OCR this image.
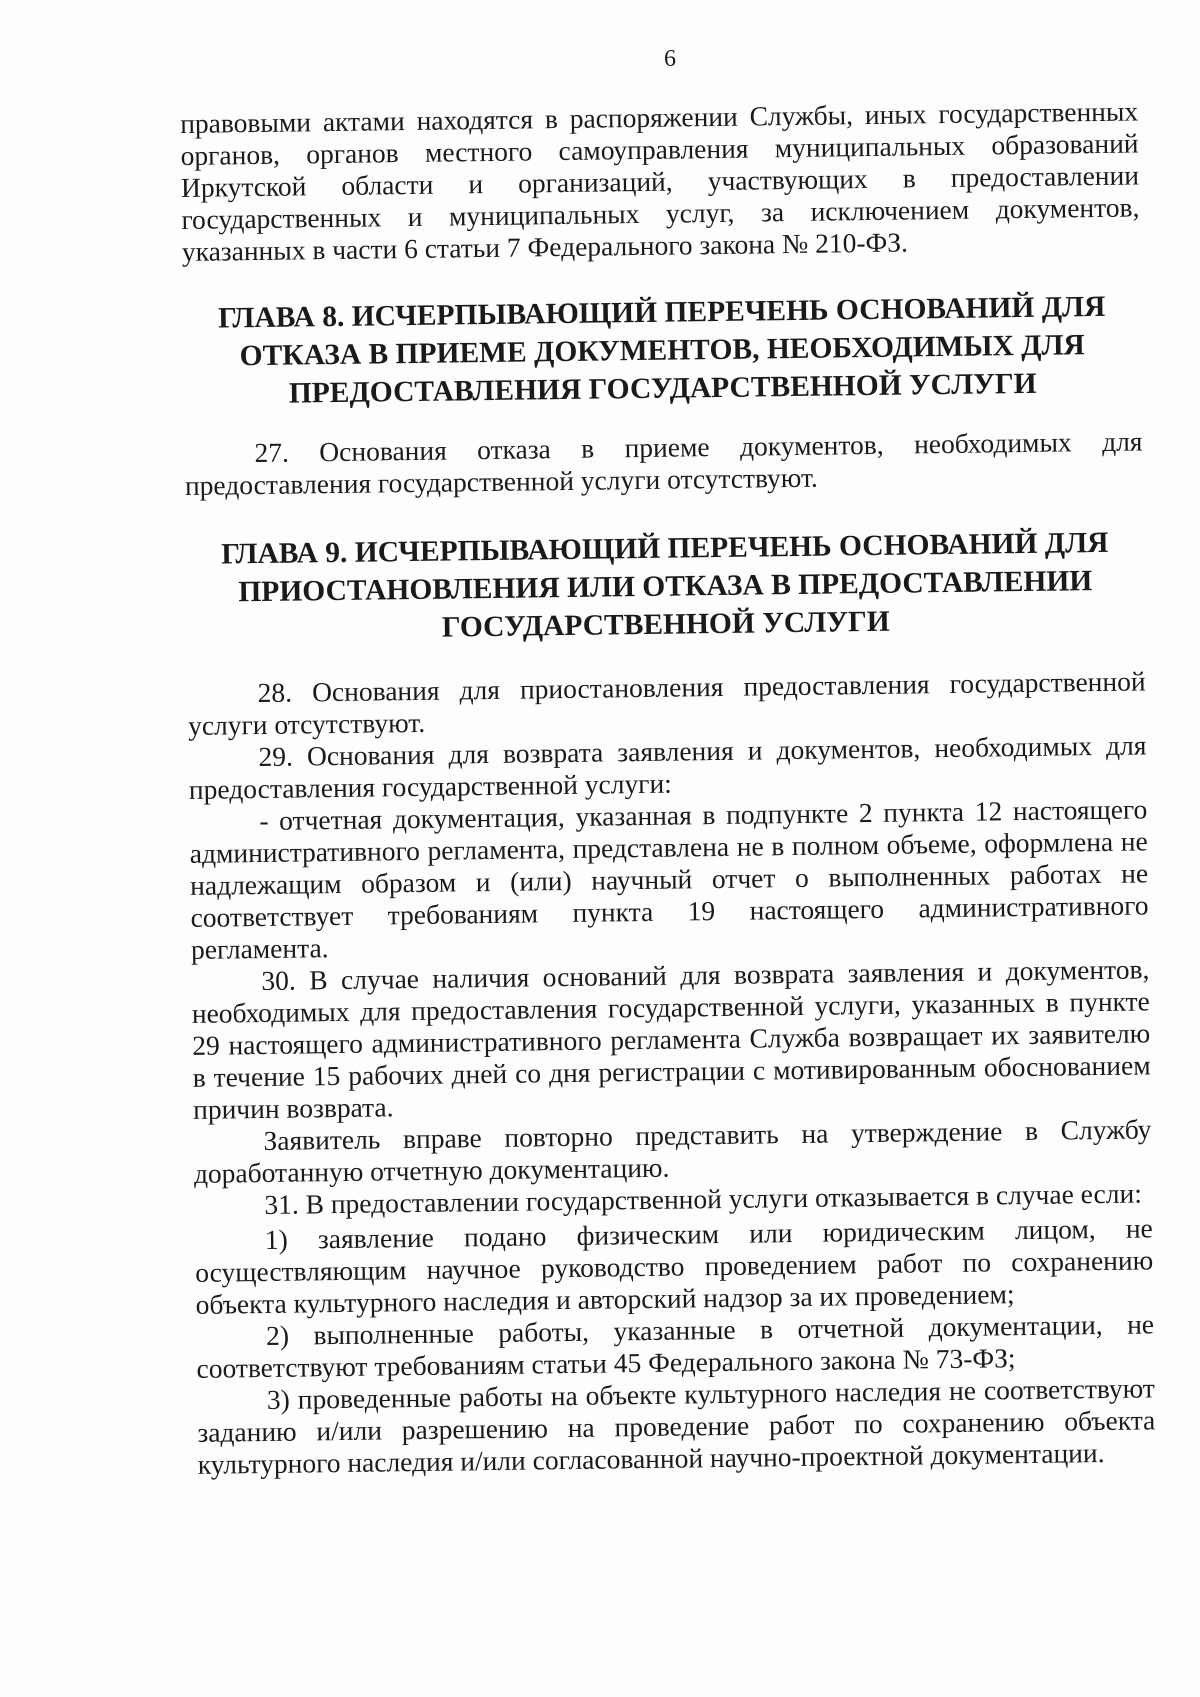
6

правовыми актами находятся в распоряжении Службы, иных государственных органов, органов местного самоуправления муниципальных образований Иркутской области и организаций, участвующих в предоставлении государственных и муниципальных услуг, за исключением документов, указанных в части 6 статьи 7 Федерального закона № 210-ФЗ.

ГЛАВА 8. ИСЧЕРПЫВАЮЩИЙ ПЕРЕЧЕНЬ ОСНОВАНИЙ ДЛЯ ОТКАЗА В ПРИЕМЕ ДОКУМЕНТОВ, НЕОБХОДИМЫХ ДЛЯ ПРЕДОСТАВЛЕНИЯ ГОСУДАРСТВЕННОЙ УСЛУГИ

27. Основания отказа в приеме документов, необходимых для предоставления государственной услуги отсутствуют.

ГЛАВА 9. ИСЧЕРПЫВАЮЩИЙ ПЕРЕЧЕНЬ ОСНОВАНИЙ ДЛЯ ПРИОСТАНОВЛЕНИЯ ИЛИ ОТКАЗА В ПРЕДОСТАВЛЕНИИ ГОСУДАРСТВЕННОЙ УСЛУГИ

28. Основания для приостановления предоставления государственной услуги отсутствуют.

29. Основания для возврата заявления и документов, необходимых для предоставления государственной услуги:

- отчетная документация, указанная в подпункте 2 пункта 12 настоящего административного регламента, представлена не в полном объеме, оформлена не надлежащим образом и (или) научный отчет о выполненных работах не соответствует требованиям пункта 19 настоящего административного регламента.

30. В случае наличия оснований для возврата заявления и документов, необходимых для предоставления государственной услуги, указанных в пункте 29 настоящего административного регламента Служба возвращает их заявителю в течение 15 рабочих дней со дня регистрации с мотивированным обоснованием причин возврата.

Заявитель вправе повторно представить на утверждение в Службу доработанную отчетную документацию.

31. В предоставлении государственной услуги отказывается в случае если:

1) заявление подано физическим или юридическим лицом, не осуществляющим научное руководство проведением работ по сохранению объекта культурного наследия и авторский надзор за их проведением;

2) выполненные работы, указанные в отчетной документации, не соответствуют требованиям статьи 45 Федерального закона № 73-ФЗ;

3) проведенные работы на объекте культурного наследия не соответствуют заданию и/или разрешению на проведение работ по сохранению объекта культурного наследия и/или согласованной научно-проектной документации.
